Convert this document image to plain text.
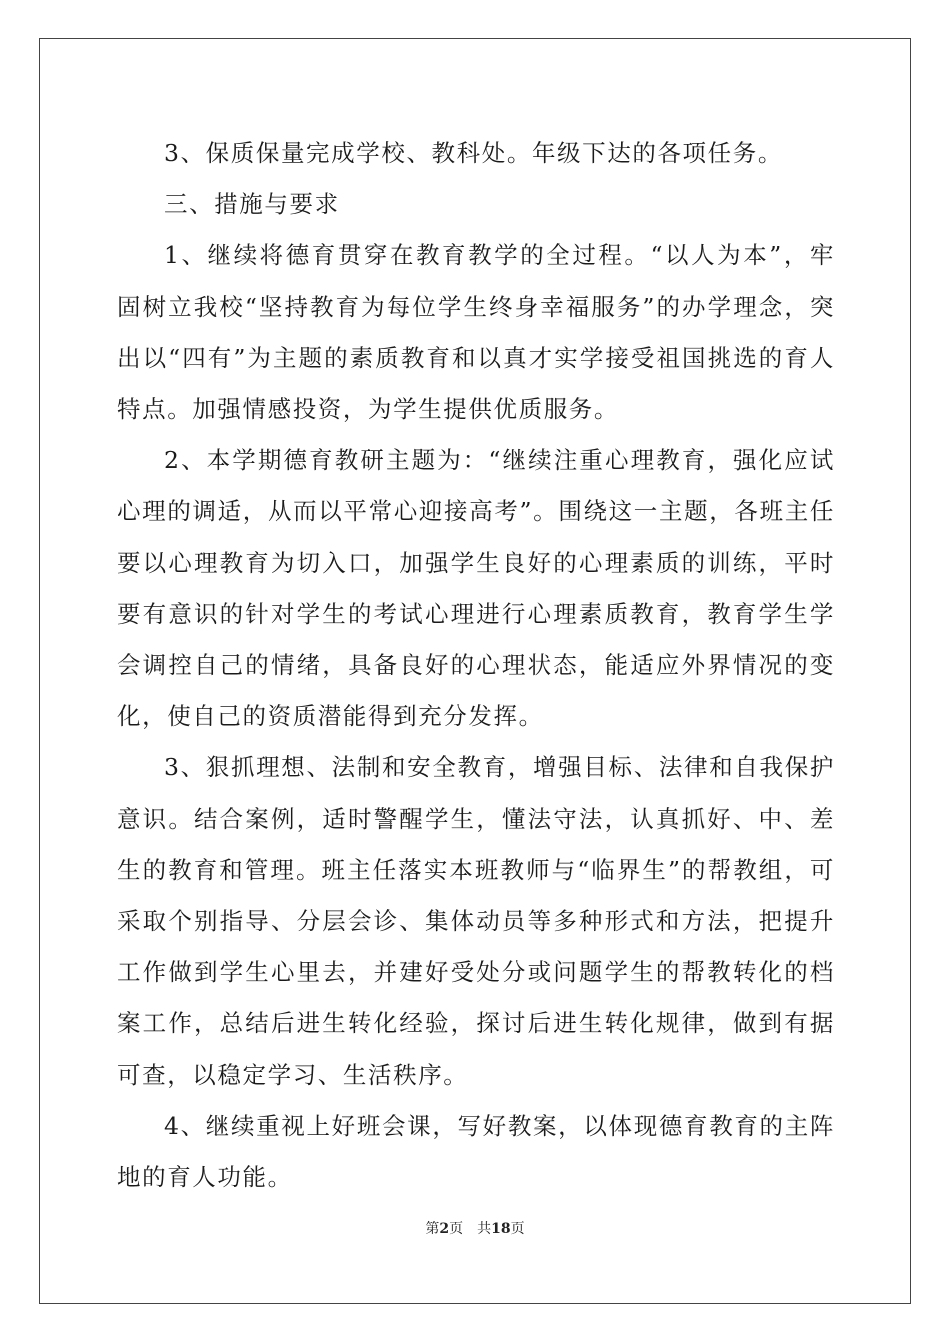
3、保质保量完成学校、教科处。年级下达的各项任务。

三、措施与要求

1、继续将德育贯穿在教育教学的全过程。“以人为本”，牢固树立我校“坚持教育为每位学生终身幸福服务”的办学理念，突出以“四有”为主题的素质教育和以真才实学接受祖国挑选的育人特点。加强情感投资，为学生提供优质服务。

2、本学期德育教研主题为：“继续注重心理教育，强化应试心理的调适，从而以平常心迎接高考”。围绕这一主题，各班主任要以心理教育为切入口，加强学生良好的心理素质的训练，平时要有意识的针对学生的考试心理进行心理素质教育，教育学生学会调控自己的情绪，具备良好的心理状态，能适应外界情况的变化，使自己的资质潜能得到充分发挥。

3、狠抓理想、法制和安全教育，增强目标、法律和自我保护意识。结合案例，适时警醒学生，懂法守法，认真抓好、中、差生的教育和管理。班主任落实本班教师与“临界生”的帮教组，可采取个别指导、分层会诊、集体动员等多种形式和方法，把提升工作做到学生心里去，并建好受处分或问题学生的帮教转化的档案工作，总结后进生转化经验，探讨后进生转化规律，做到有据可查，以稳定学习、生活秩序。

4、继续重视上好班会课，写好教案，以体现德育教育的主阵地的育人功能。

第2页 共18页
